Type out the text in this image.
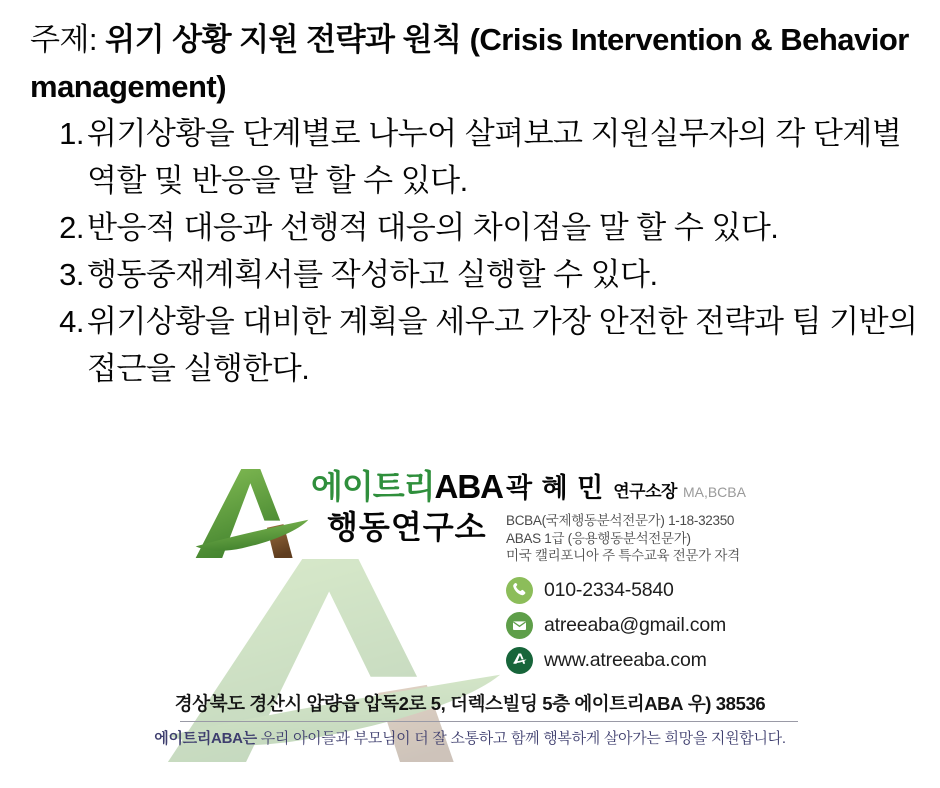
주제: 위기 상황 지원 전략과 원칙 (Crisis Intervention & Behavior management)

1. 위기상황을 단계별로 나누어 살펴보고 지원실무자의 각 단계별 역할 및 반응을 말 할 수 있다.
2. 반응적 대응과 선행적 대응의 차이점을 말 할 수 있다.
3. 행동중재계획서를 작성하고 실행할 수 있다.
4. 위기상황을 대비한 계획을 세우고 가장 안전한 전략과 팀 기반의 접근을 실행한다.
에이트리ABA
행동연구소
곽 혜 민 연구소장 MA,BCBA
BCBA(국제행동분석전문가) 1-18-32350
ABAS 1급 (응용행동분석전문가)
미국 캘리포니아 주 특수교육 전문가 자격
010-2334-5840
atreeaba@gmail.com
www.atreeaba.com
경상북도 경산시 압량읍 압독2로 5, 더렉스빌딩 5층 에이트리ABA 우) 38536
에이트리ABA는 우리 아이들과 부모님이 더 잘 소통하고 함께 행복하게 살아가는 희망을 지원합니다.
